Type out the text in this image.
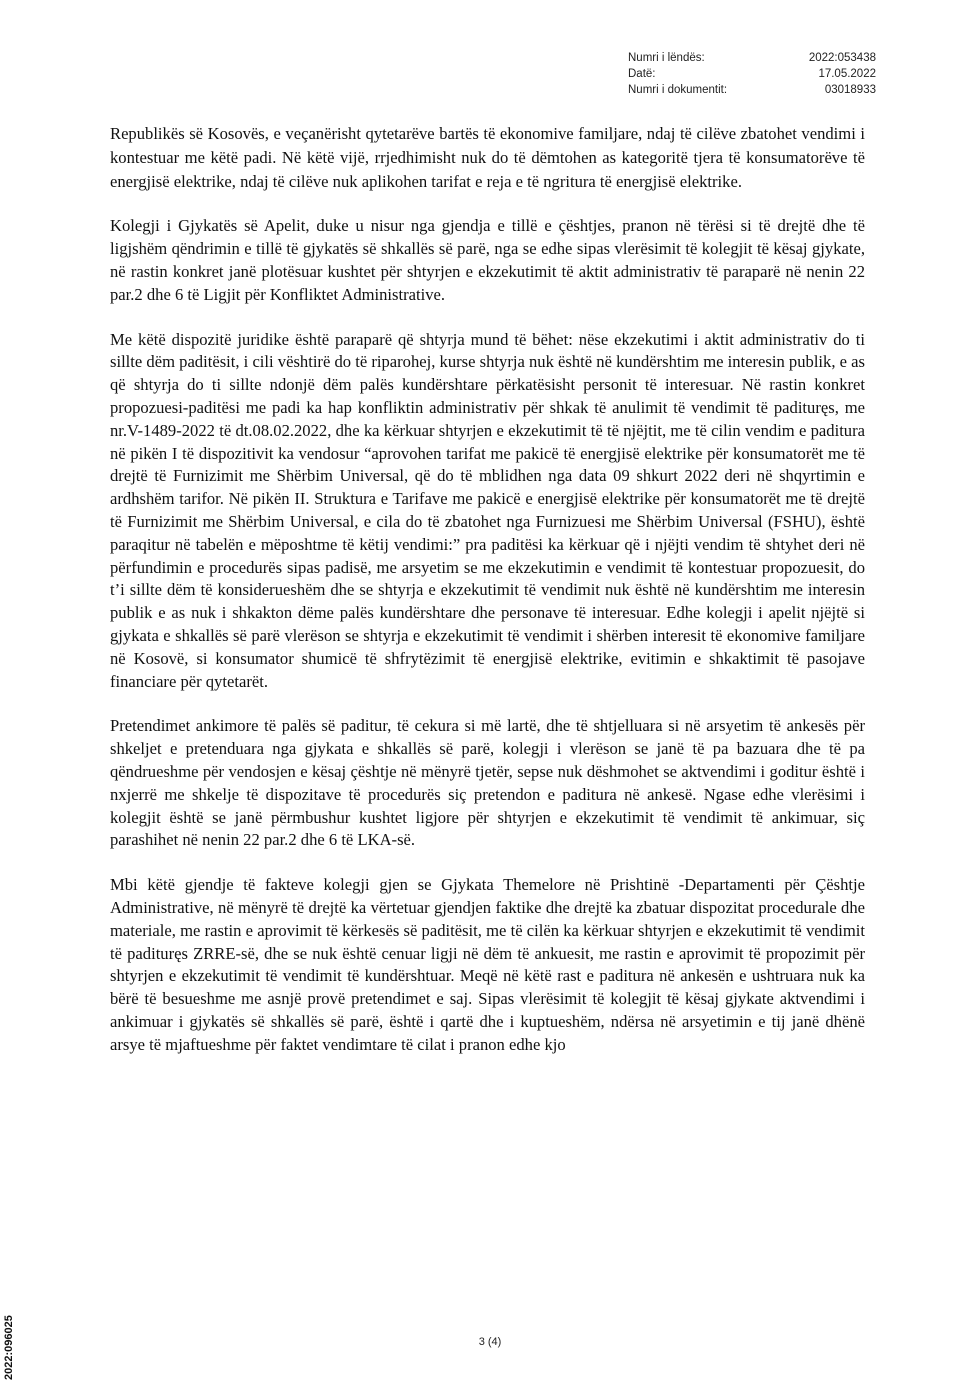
Numri i lëndës:	2022:053438
Datë:	17.05.2022
Numri i dokumentit:	03018933

Republikës së Kosovës, e veçanërisht qytetarëve bartës të ekonomive familjare, ndaj të cilëve zbatohet vendimi i kontestuar me këtë padi. Në këtë vijë, rrjedhimisht nuk do të dëmtohen as kategoritë tjera të konsumatorëve të energjisë elektrike, ndaj të cilëve nuk aplikohen tarifat e reja e të ngritura të energjisë elektrike.

Kolegji i Gjykatës së Apelit, duke u nisur nga gjendja e tillë e çështjes, pranon në tërësi si të drejtë dhe të ligjshëm qëndrimin e tillë të gjykatës së shkallës së parë, nga se edhe sipas vlerësimit të kolegjit të kësaj gjykate, në rastin konkret janë plotësuar kushtet për shtyrjen e ekzekutimit të aktit administrativ të paraparë në nenin 22 par.2 dhe 6 të Ligjit për Konfliktet Administrative.

Me këtë dispozitë juridike është paraparë që shtyrja mund të bëhet: nëse ekzekutimi i aktit administrativ do ti sillte dëm paditësit, i cili vështirë do të riparohej, kurse shtyrja nuk është në kundërshtim me interesin publik, e as që shtyrja do ti sillte ndonjë dëm palës kundërshtare përkatësisht personit të interesuar. Në rastin konkret propozuesi-paditësi me padi ka hap konfliktin administrativ për shkak të anulimit të vendimit të padituręs, me nr.V-1489-2022 të dt.08.02.2022, dhe ka kërkuar shtyrjen e ekzekutimit të të njëjtit, me të cilin vendim e paditura në pikën I të dispozitivit ka vendosur “aprovohen tarifat me pakicë të energjisë elektrike për konsumatorët me të drejtë të Furnizimit me Shërbim Universal, që do të mblidhen nga data 09 shkurt 2022 deri në shqyrtimin e ardhshëm tarifor. Në pikën II. Struktura e Tarifave me pakicë e energjisë elektrike për konsumatorët me të drejtë të Furnizimit me Shërbim Universal, e cila do të zbatohet nga Furnizuesi me Shërbim Universal (FSHU), është paraqitur në tabelën e mëposhtme të këtij vendimi:” pra paditësi ka kërkuar që i njëjti vendim të shtyhet deri në përfundimin e procedurës sipas padisë, me arsyetim se me ekzekutimin e vendimit të kontestuar propozuesit, do t’i sillte dëm të konsiderueshëm dhe se shtyrja e ekzekutimit të vendimit nuk është në kundërshtim me interesin publik e as nuk i shkakton dëme palës kundërshtare dhe personave të interesuar. Edhe kolegji i apelit njëjtë si gjykata e shkallës së parë vlerëson se shtyrja e ekzekutimit të vendimit i shërben interesit të ekonomive familjare në Kosovë, si konsumator shumicë të shfrytëzimit të energjisë elektrike, evitimin e shkaktimit të pasojave financiare për qytetarët.

Pretendimet ankimore të palës së paditur, të cekura si më lartë, dhe të shtjelluara si në arsyetim të ankesës për shkeljet e pretenduara nga gjykata e shkallës së parë, kolegji i vlerëson se janë të pa bazuara dhe të pa qëndrueshme për vendosjen e kësaj çështje në mënyrë tjetër, sepse nuk dëshmohet se aktvendimi i goditur është i nxjerrë me shkelje të dispozitave të procedurës siç pretendon e paditura në ankesë. Ngase edhe vlerësimi i kolegjit është se janë përmbushur kushtet ligjore për shtyrjen e ekzekutimit të vendimit të ankimuar, siç parashihet në nenin 22 par.2 dhe 6 të LKA-së.

Mbi këtë gjendje të fakteve kolegji gjen se Gjykata Themelore në Prishtinë -Departamenti për Çështje Administrative, në mënyrë të drejtë ka vërtetuar gjendjen faktike dhe drejtë ka zbatuar dispozitat procedurale dhe materiale, me rastin e aprovimit të kërkesës së paditësit, me të cilën ka kërkuar shtyrjen e ekzekutimit të vendimit të padituręs ZRRE-së, dhe se nuk është cenuar ligji në dëm të ankuesit, me rastin e aprovimit të propozimit për shtyrjen e ekzekutimit të vendimit të kundërshtuar. Meqë në këtë rast e paditura në ankesën e ushtruara nuk ka bërë të besueshme me asnjë provë pretendimet e saj. Sipas vlerësimit të kolegjit të kësaj gjykate aktvendimi i ankimuar i gjykatës së shkallës së parë, është i qartë dhe i kuptueshëm, ndërsa në arsyetimin e tij janë dhënë arsye të mjaftueshme për faktet vendimtare të cilat i pranon edhe kjo

3 (4)
2022:096025
